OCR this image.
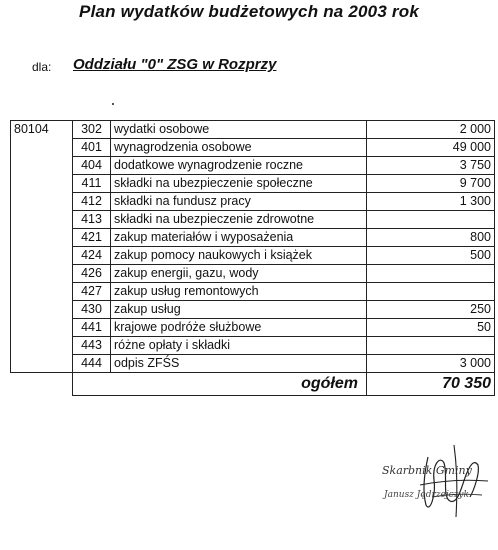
Plan wydatków budżetowych na 2003 rok
dla: Oddziału "0" ZSG w Rozprzy
80104	302	wydatki osobowe	2 000
	401	wynagrodzenia osobowe	49 000
	404	dodatkowe wynagrodzenie roczne	3 750
	411	składki na ubezpieczenie społeczne	9 700
	412	składki na fundusz pracy	1 300
	413	składki na ubezpieczenie zdrowotne	
	421	zakup materiałów i wyposażenia	800
	424	zakup pomocy naukowych i książek	500
	426	zakup energii, gazu, wody	
	427	zakup usług remontowych	
	430	zakup usług	250
	441	krajowe podróże służbowe	50
	443	różne opłaty i składki	
	444	odpis ZFŚS	3 000
	ogółem		70 350
Skarbnik Gminy
Janusz Jędrzejczyk
